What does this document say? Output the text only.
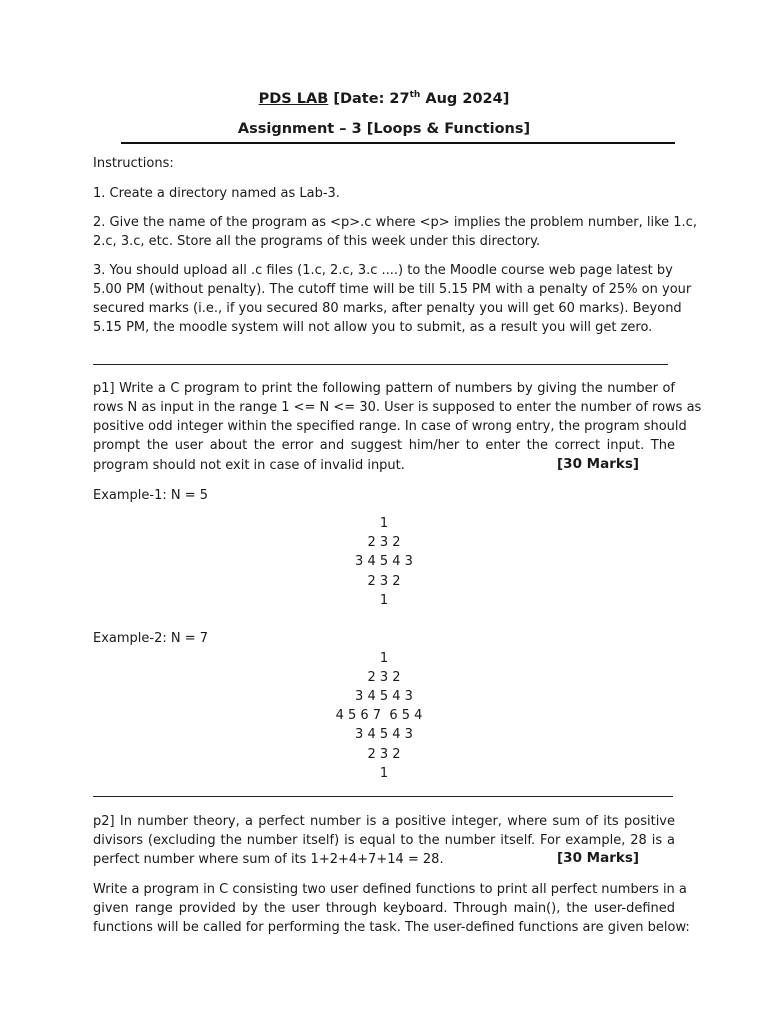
PDS LAB [Date: 27th Aug 2024]
Assignment – 3 [Loops & Functions]
Instructions:
1. Create a directory named as Lab-3.
2. Give the name of the program as <p>.c where <p> implies the problem number, like 1.c,
2.c, 3.c, etc. Store all the programs of this week under this directory.
3. You should upload all .c files (1.c, 2.c, 3.c ....) to the Moodle course web page latest by
5.00 PM (without penalty). The cutoff time will be till 5.15 PM with a penalty of 25% on your
secured marks (i.e., if you secured 80 marks, after penalty you will get 60 marks). Beyond
5.15 PM, the moodle system will not allow you to submit, as a result you will get zero.
p1] Write a C program to print the following pattern of numbers by giving the number of
rows N as input in the range 1 <= N <= 30. User is supposed to enter the number of rows as
positive odd integer within the specified range. In case of wrong entry, the program should
prompt the user about the error and suggest him/her to enter the correct input. The
program should not exit in case of invalid input.	[30 Marks]
Example-1: N = 5
1
2 3 2
3 4 5 4 3
2 3 2
1
Example-2: N = 7
1
2 3 2
3 4 5 4 3
4 5 6 7  6 5 4
3 4 5 4 3
2 3 2
1
p2] In number theory, a perfect number is a positive integer, where sum of its positive
divisors (excluding the number itself) is equal to the number itself. For example, 28 is a
perfect number where sum of its 1+2+4+7+14 = 28.	[30 Marks]
Write a program in C consisting two user defined functions to print all perfect numbers in a
given range provided by the user through keyboard. Through main(), the user-defined
functions will be called for performing the task. The user-defined functions are given below:
